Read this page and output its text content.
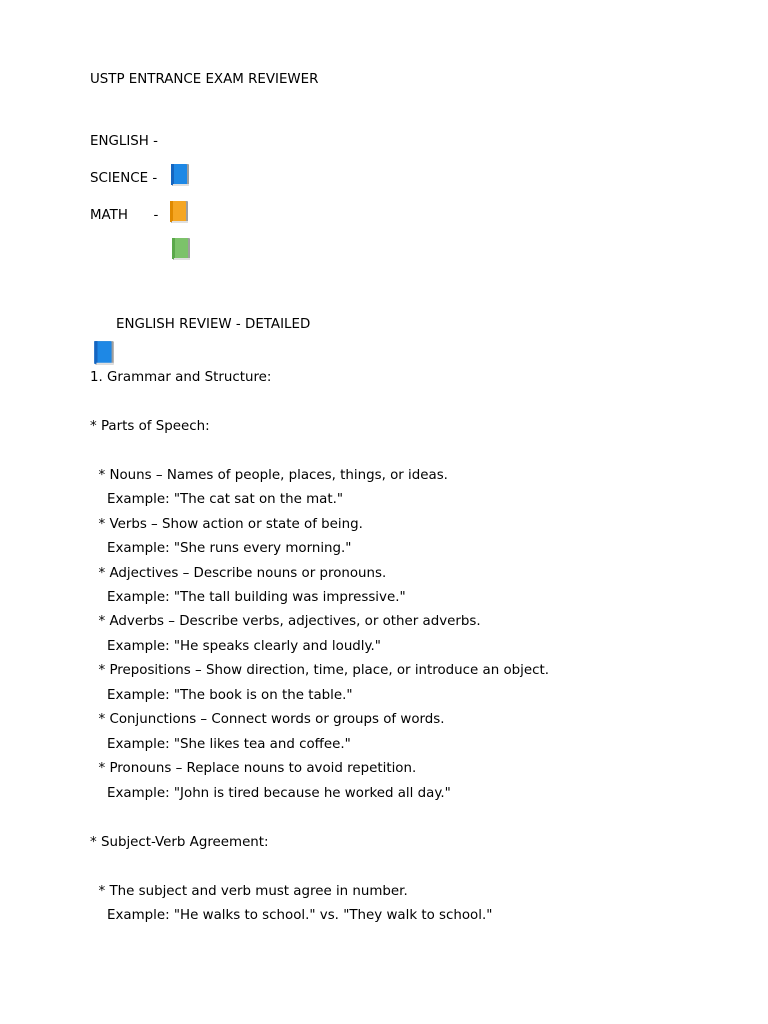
USTP ENTRANCE EXAM REVIEWER
ENGLISH -

SCIENCE -

MATH      -

ENGLISH REVIEW - DETAILED
1. Grammar and Structure:
* Parts of Speech:
* Nouns – Names of people, places, things, or ideas.
Example: "The cat sat on the mat."
* Verbs – Show action or state of being.
Example: "She runs every morning."
* Adjectives – Describe nouns or pronouns.
Example: "The tall building was impressive."
* Adverbs – Describe verbs, adjectives, or other adverbs.
Example: "He speaks clearly and loudly."
* Prepositions – Show direction, time, place, or introduce an object.
Example: "The book is on the table."
* Conjunctions – Connect words or groups of words.
Example: "She likes tea and coffee."
* Pronouns – Replace nouns to avoid repetition.
Example: "John is tired because he worked all day."
* Subject-Verb Agreement:
* The subject and verb must agree in number.
Example: "He walks to school." vs. "They walk to school."
